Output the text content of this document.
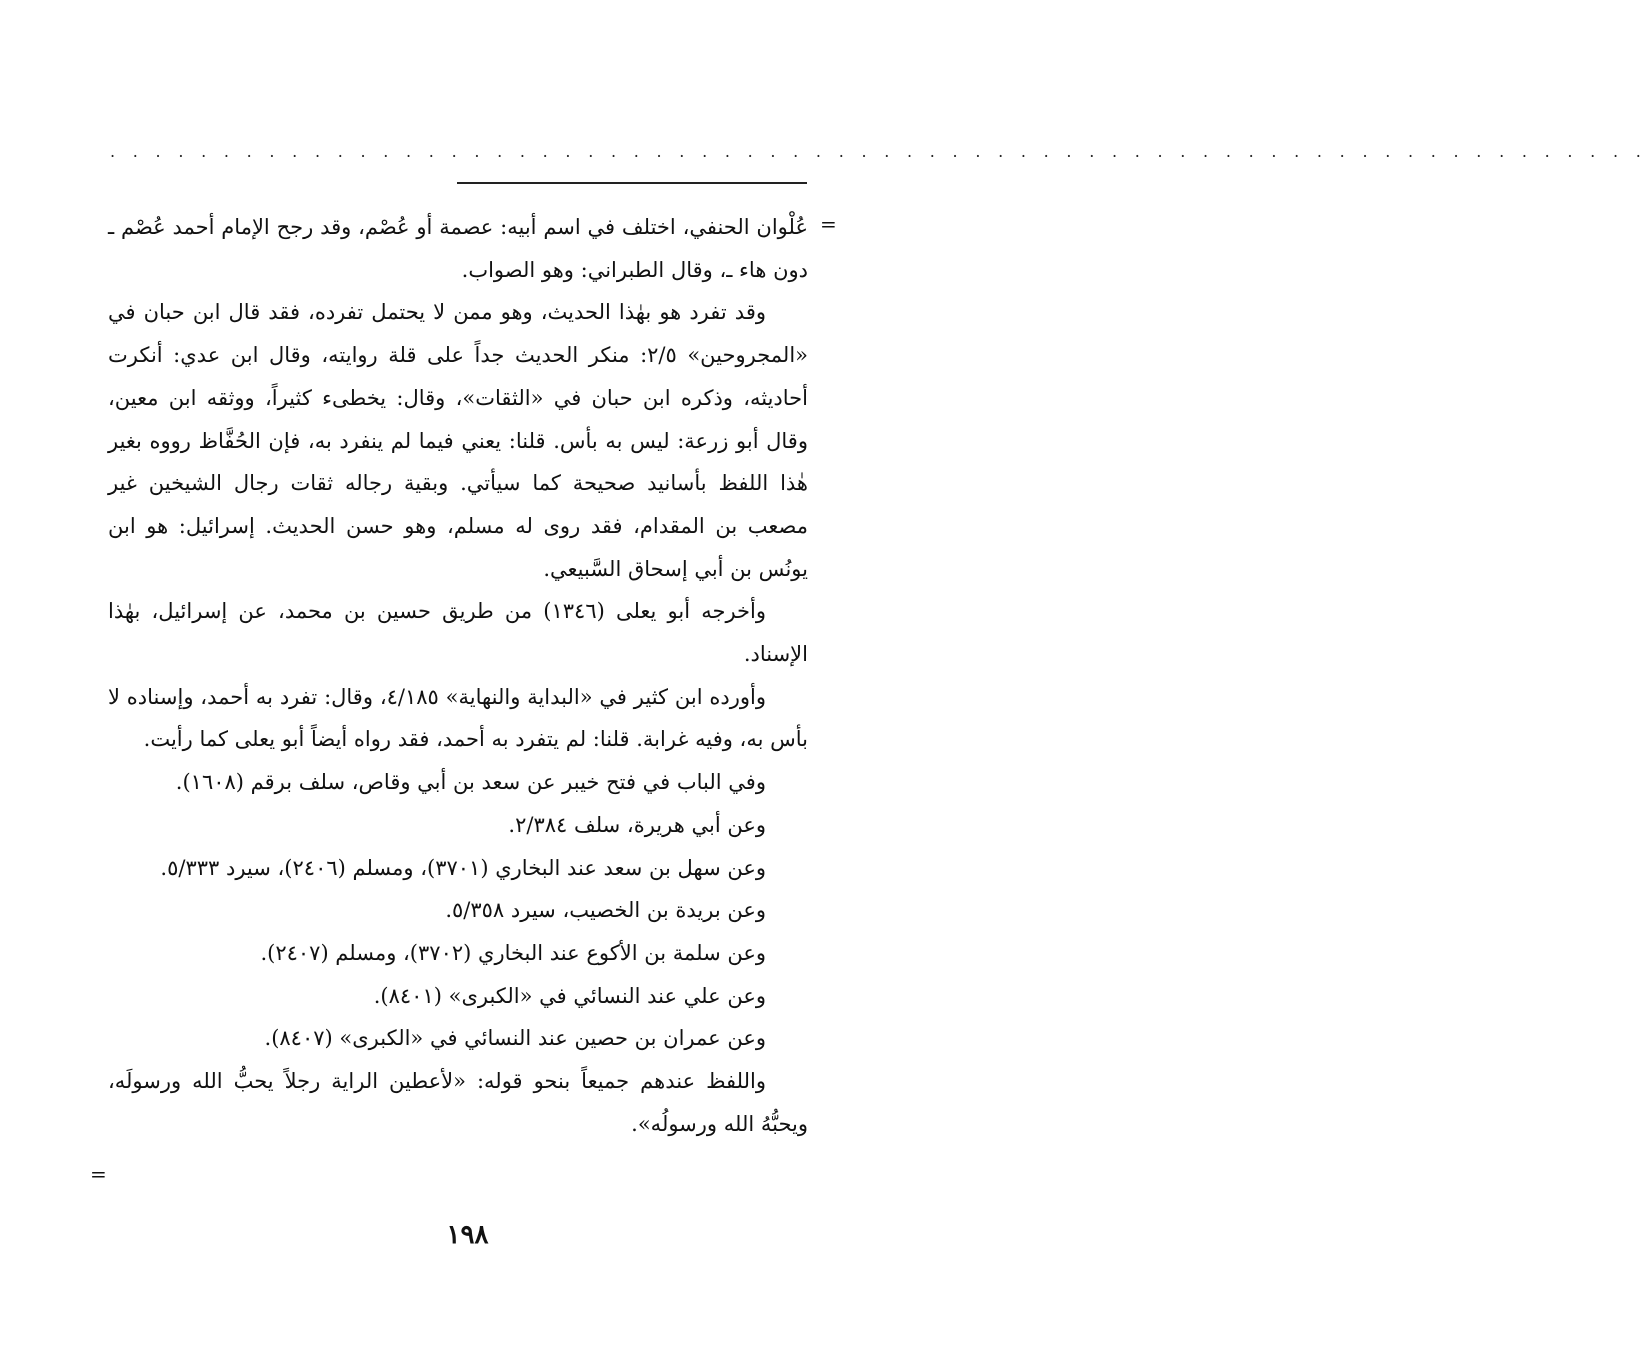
. . . . . . . . . . . . . . . . . . . . . . . . . . . . . . . . . . . . . . . . . . . . . . . . . . . . . . . . . . . . . . . . . . . .
=

عُلْوان الحنفي، اختلف في اسم أبيه: عصمة أو عُصْم، وقد رجح الإمام أحمد عُصْم ـ دون هاء ـ، وقال الطبراني: وهو الصواب.

وقد تفرد هو بهٰذا الحديث، وهو ممن لا يحتمل تفرده، فقد قال ابن حبان في «المجروحين» ٢/٥: منكر الحديث جداً على قلة روايته، وقال ابن عدي: أنكرت أحاديثه، وذكره ابن حبان في «الثقات»، وقال: يخطىء كثيراً، ووثقه ابن معين، وقال أبو زرعة: ليس به بأس. قلنا: يعني فيما لم ينفرد به، فإن الحُفَّاظ رووه بغير هٰذا اللفظ بأسانيد صحيحة كما سيأتي. وبقية رجاله ثقات رجال الشيخين غير مصعب بن المقدام، فقد روى له مسلم، وهو حسن الحديث. إسرائيل: هو ابن يونُس بن أبي إسحاق السَّبيعي.

وأخرجه أبو يعلى (١٣٤٦) من طريق حسين بن محمد، عن إسرائيل، بهٰذا الإسناد.

وأورده ابن كثير في «البداية والنهاية» ٤/١٨٥، وقال: تفرد به أحمد، وإسناده لا بأس به، وفيه غرابة. قلنا: لم يتفرد به أحمد، فقد رواه أيضاً أبو يعلى كما رأيت.

وفي الباب في فتح خيبر عن سعد بن أبي وقاص، سلف برقم (١٦٠٨).

وعن أبي هريرة، سلف ٢/٣٨٤.

وعن سهل بن سعد عند البخاري (٣٧٠١)، ومسلم (٢٤٠٦)، سيرد ٥/٣٣٣.

وعن بريدة بن الخصيب، سيرد ٥/٣٥٨.

وعن سلمة بن الأكوع عند البخاري (٣٧٠٢)، ومسلم (٢٤٠٧).

وعن علي عند النسائي في «الكبرى» (٨٤٠١).

وعن عمران بن حصين عند النسائي في «الكبرى» (٨٤٠٧).

واللفظ عندهم جميعاً بنحو قوله: «لأعطين الراية رجلاً يحبُّ الله ورسولَه، ويحبُّهُ الله ورسولُه».

=
١٩٨
